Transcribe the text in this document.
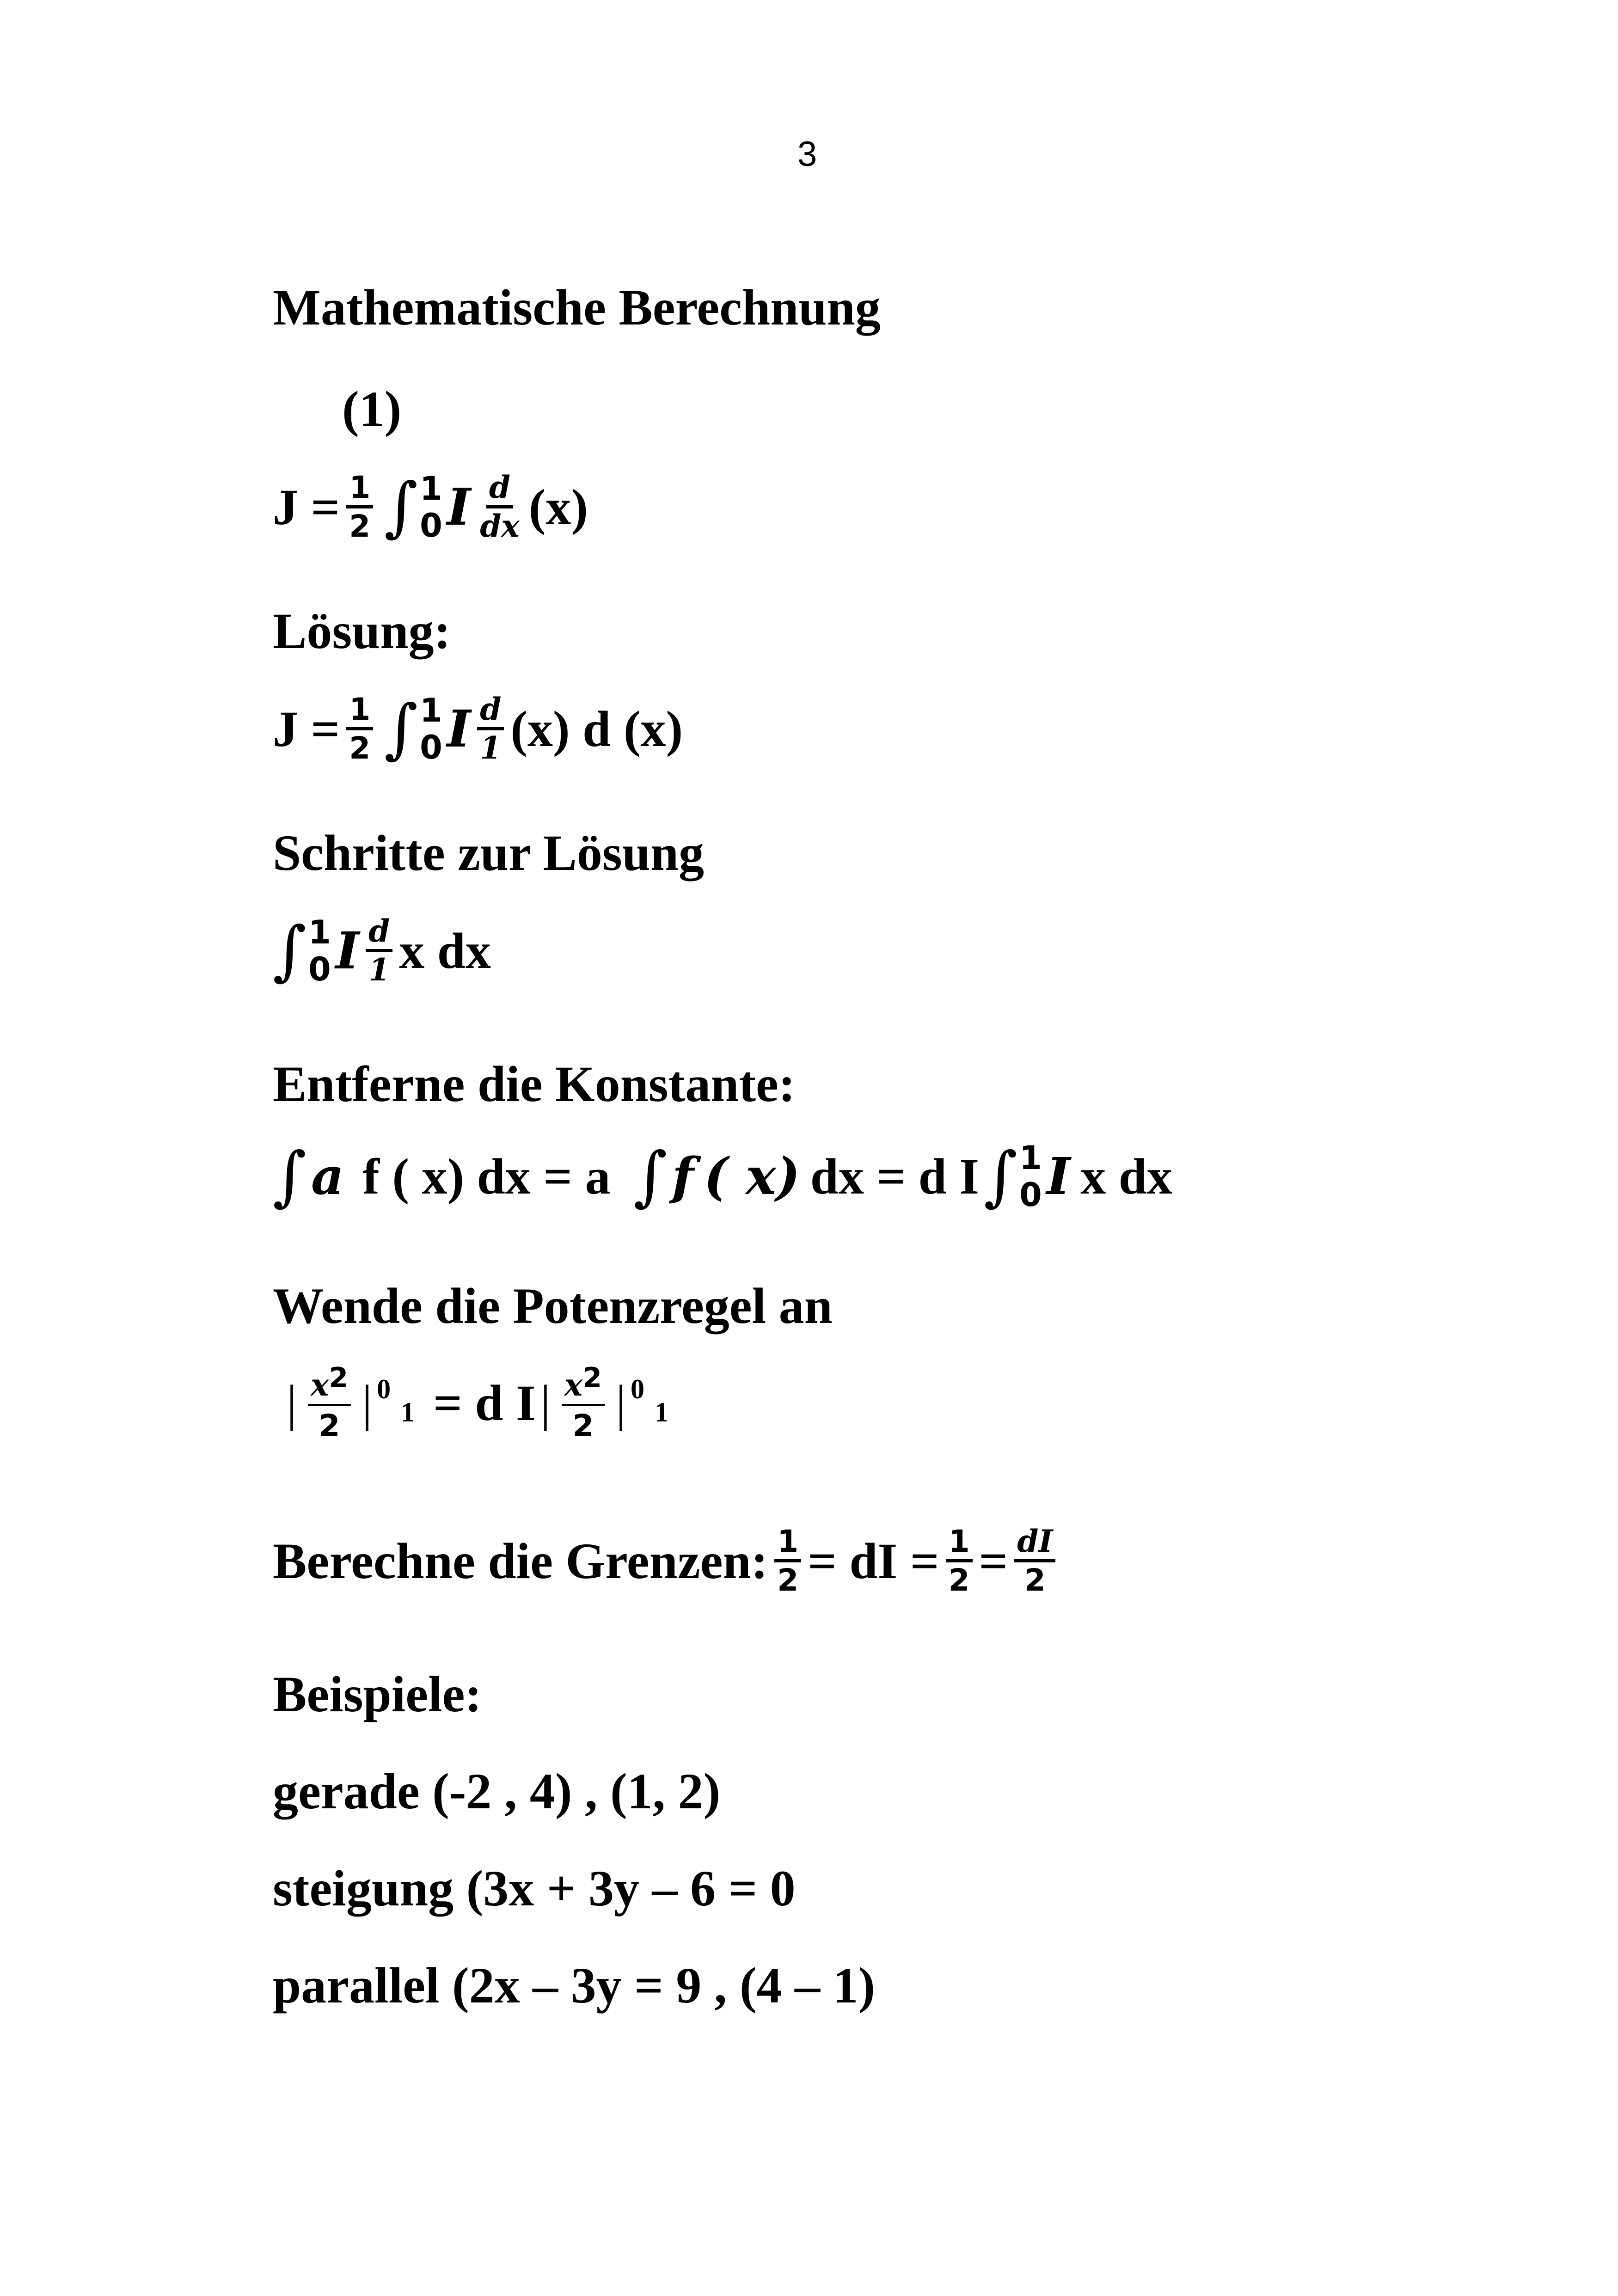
3
Mathematische Berechnung
(1)
$J = \frac{1}{2}$ ∫ 1
0 I $\frac{d}{dx} (x)$
Lösung:
$J = \frac{1}{2}$ ∫ 1
0 I $\frac{d}{1} (x)$ d (x)
Schritte zur Lösung
∫ 1
0 I $\frac{d}{1}$ x dx
Entferne die Konstante:
∫ a f ( x) dx = a ∫ f ( x) dx = d I ∫ 1
0 I x dx
Wende die Potenzregel an
| $x^2$
2 | 0
1 = d I | $x^2$
2 | 0
1
Berechne die Grenzen: $\frac{1}{2}$ = dI = $\frac{1}{2} = \frac{dI}{2}$
Beispiele:
gerade (-2 , 4) , (1, 2)
steigung (3x + 3y – 6 = 0
parallel (2x – 3y = 9 , (4 – 1)
